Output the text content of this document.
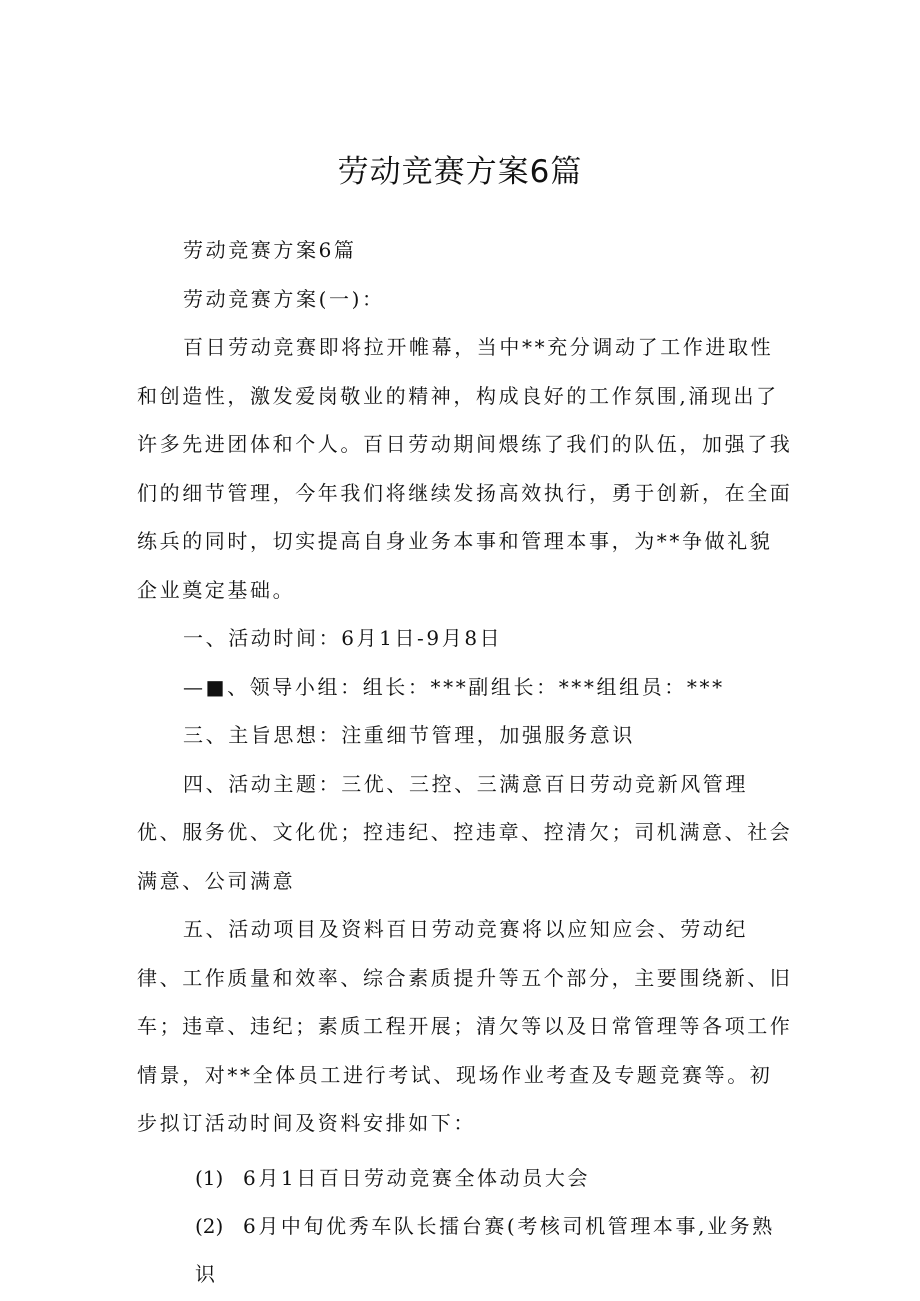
劳动竞赛方案6篇

劳动竞赛方案6篇

劳动竞赛方案(一)：

百日劳动竞赛即将拉开帷幕，当中**充分调动了工作进取性和创造性，激发爱岗敬业的精神，构成良好的工作氛围,涌现出了许多先进团体和个人。百日劳动期间煨练了我们的队伍，加强了我们的细节管理，今年我们将继续发扬高效执行，勇于创新，在全面练兵的同时，切实提高自身业务本事和管理本事，为**争做礼貌企业奠定基础。

一、活动时间：6月1日-9月8日

—■、领导小组：组长：***副组长：***组组员：***

三、主旨思想：注重细节管理，加强服务意识

四、活动主题：三优、三控、三满意百日劳动竞新风管理优、服务优、文化优；控违纪、控违章、控清欠；司机满意、社会满意、公司满意

五、活动项目及资料百日劳动竞赛将以应知应会、劳动纪律、工作质量和效率、综合素质提升等五个部分，主要围绕新、旧车；违章、违纪；素质工程开展；清欠等以及日常管理等各项工作情景，对**全体员工进行考试、现场作业考查及专题竞赛等。初步拟订活动时间及资料安排如下：

(1) 6月1日百日劳动竞赛全体动员大会

(2) 6月中旬优秀车队长擂台赛(考核司机管理本事,业务熟识
